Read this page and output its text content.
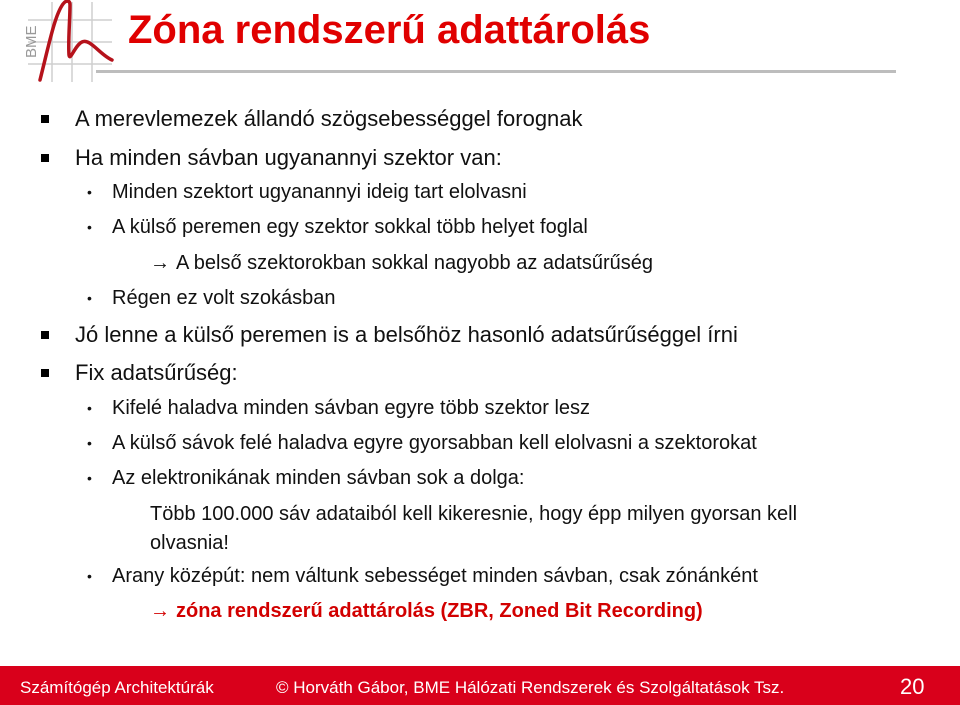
BME Zóna rendszerű adattárolás
A merevlemezek állandó szögsebességgel forognak
Ha minden sávban ugyanannyi szektor van:
• Minden szektort ugyanannyi ideig tart elolvasni
• A külső peremen egy szektor sokkal több helyet foglal
→ A belső szektorokban sokkal nagyobb az adatsűrűség
• Régen ez volt szokásban
Jó lenne a külső peremen is a belsőhöz hasonló adatsűrűséggel írni
Fix adatsűrűség:
• Kifelé haladva minden sávban egyre több szektor lesz
• A külső sávok felé haladva egyre gyorsabban kell elolvasni a szektorokat
• Az elektronikának minden sávban sok a dolga:
Több 100.000 sáv adataiból kell kikeresnie, hogy épp milyen gyorsan kell
olvasnia!
• Arany középút: nem váltunk sebességet minden sávban, csak zónánként
→ zóna rendszerű adattárolás (ZBR, Zoned Bit Recording)
Számítógép Architektúrák	© Horváth Gábor, BME Hálózati Rendszerek és Szolgáltatások Tsz.	20
